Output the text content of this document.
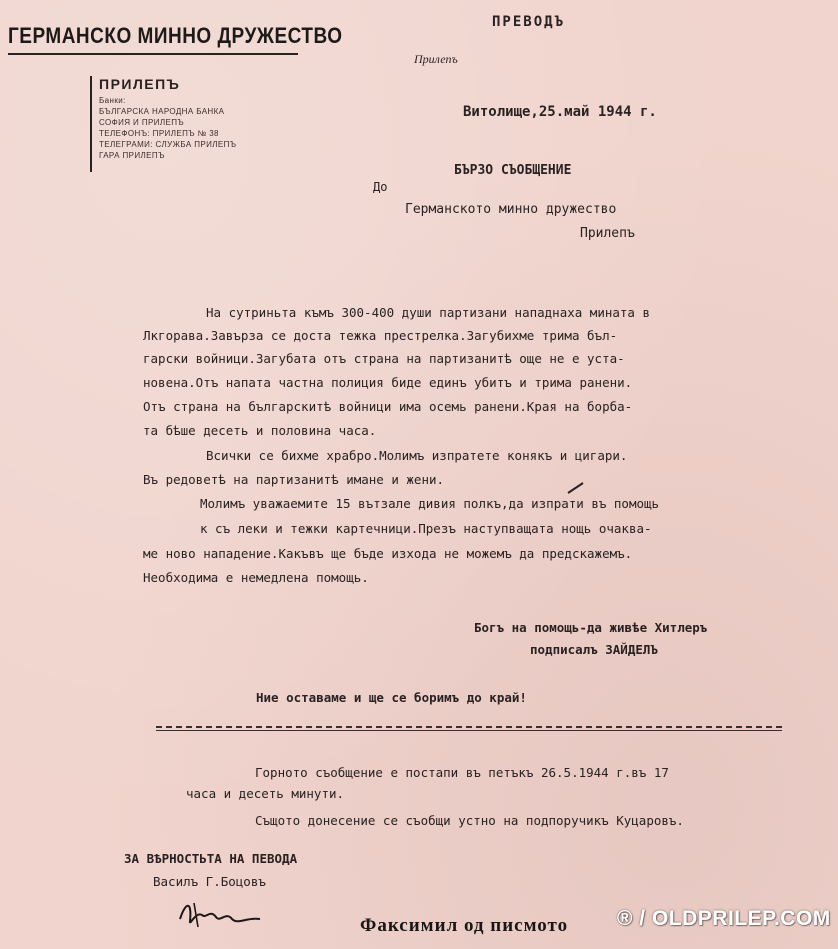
ГЕРМАНСКО МИННО ДРУЖЕСТВО
ПРИЛЕПЪ
Банки:
БЪЛГАРСКА НАРОДНА БАНКА
СОФИЯ И ПРИЛЕПЪ
ТЕЛЕФОНЪ: ПРИЛЕПЪ № 38
ТЕЛЕГРАМИ: СЛУЖБА ПРИЛЕПЪ
ГАРА ПРИЛЕПЪ
ПРЕВОДЪ
Прилепъ
Витолище,25.май 1944 г.
БЪРЗО СЪОБЩЕНИЕ
До
Германското минно дружество
Прилепъ
На сутриньта къмъ 300-400 души партизани нападнаха мината в
Лкгорава.Завърза се доста тежка престрелка.Загубихме трима бъл-
гарски войници.Загубата отъ страна на партизанитѣ още не е уста-
новена.Отъ напата частна полиция биде единъ убитъ и трима ранени.
Отъ страна на българскитѣ войници има осемь ранени.Края на борба-
та бѣше десеть и половина часа.
Всички се бихме храбро.Молимъ изпратете конякъ и цигари.
Въ редоветѣ на партизанитѣ имане и жени.
Молимъ уважаемите 15 вътзале дивия полкъ,да изпрати въ помощь
к съ леки и тежки картечници.Презъ наступващата нощь очаква-
ме ново нападение.Какъвъ ще бъде изхода не можемъ да предскажемъ.
Необходима е немедлена помощь.
Богъ на помощь-да живѣе Хитлеръ
подписалъ ЗАЙДЕЛЪ
Ние оставаме и ще се боримъ до край!
Горното съобщение е постапи въ петъкъ 26.5.1944 г.въ 17
часа и десеть минути.
Същото донесение се съобщи устно на подпоручикъ Куцаровъ.
ЗА ВѢРНОСТЬТА НА ПЕВОДА
Василъ Г.Боцовъ
Факсимил од писмото ® / OLDPRILEP.COM
